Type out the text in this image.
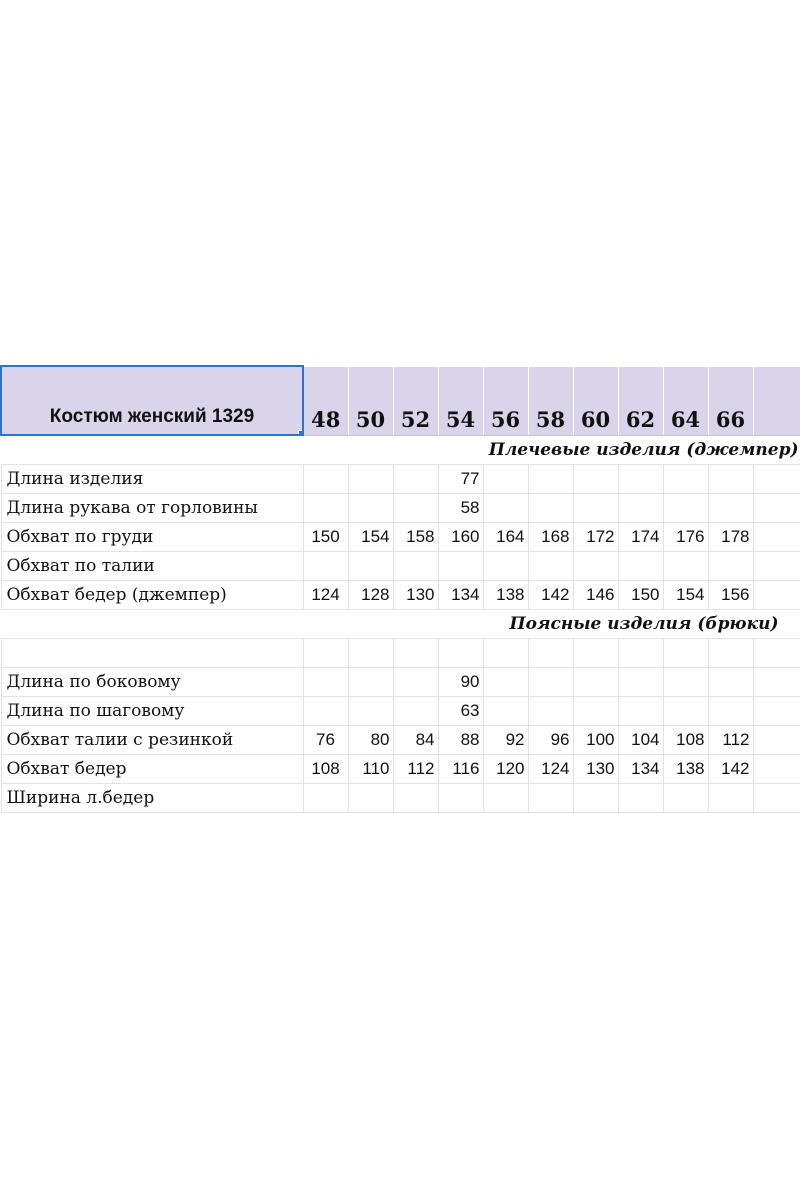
Костюм женский 1329	48	50	52	54	56	58	60	62	64	66	
Плечевые изделия (джемпер)											
Длина изделия				77							
Длина рукава от горловины				58							
Обхват по груди	150	154	158	160	164	168	172	174	176	178	
Обхват по талии											
Обхват бедер (джемпер)	124	128	130	134	138	142	146	150	154	156	
Поясные изделия (брюки)											

Длина по боковому				90							
Длина по шаговому				63							
Обхват талии с резинкой	76	80	84	88	92	96	100	104	108	112	
Обхват бедер	108	110	112	116	120	124	130	134	138	142	
Ширина л.бедер											
